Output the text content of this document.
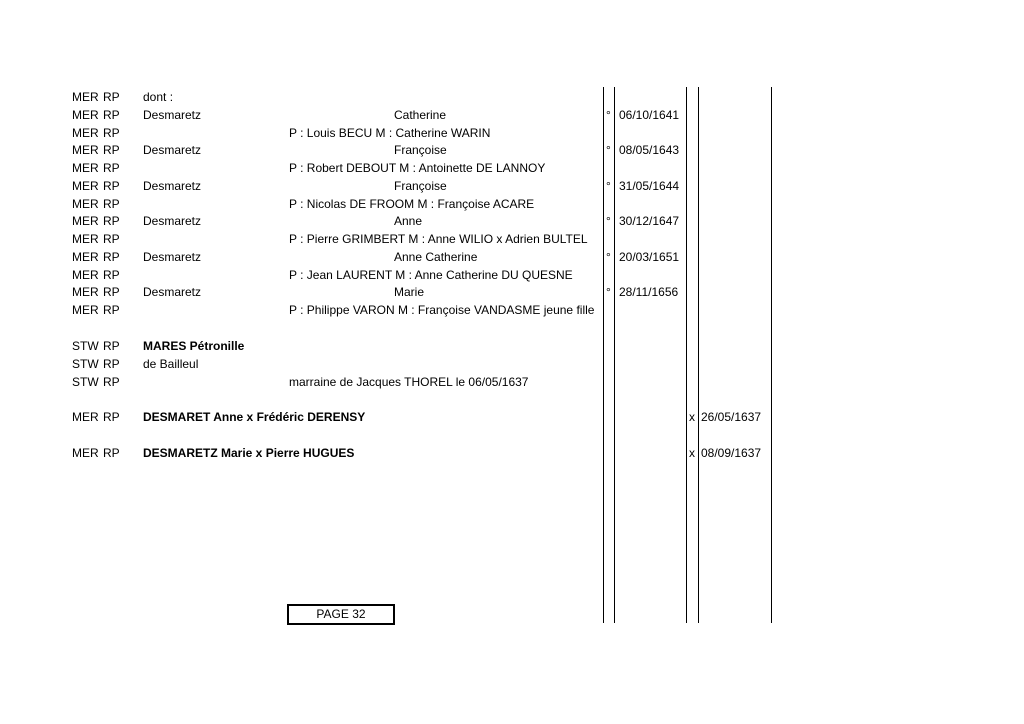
MER RP dont :
MER RP Desmaretz	Catherine	° 06/10/1641
MER RP	P : Louis BECU M : Catherine WARIN
MER RP Desmaretz	Françoise	° 08/05/1643
MER RP	P : Robert DEBOUT M : Antoinette DE LANNOY
MER RP Desmaretz	Françoise	° 31/05/1644
MER RP	P : Nicolas DE FROOM M : Françoise ACARE
MER RP Desmaretz	Anne	° 30/12/1647
MER RP	P : Pierre GRIMBERT M : Anne WILIO x Adrien BULTEL
MER RP Desmaretz	Anne Catherine	° 20/03/1651
MER RP	P : Jean LAURENT M : Anne Catherine DU QUESNE
MER RP Desmaretz	Marie	° 28/11/1656
MER RP	P : Philippe VARON M : Françoise VANDASME jeune fille
STW RP MARES Pétronille
STW RP de Bailleul
STW RP	marraine de Jacques THOREL le 06/05/1637
MER RP DESMARET Anne x Frédéric DERENSY	x 26/05/1637
MER RP DESMARETZ Marie x Pierre HUGUES	x 08/09/1637
PAGE 32
